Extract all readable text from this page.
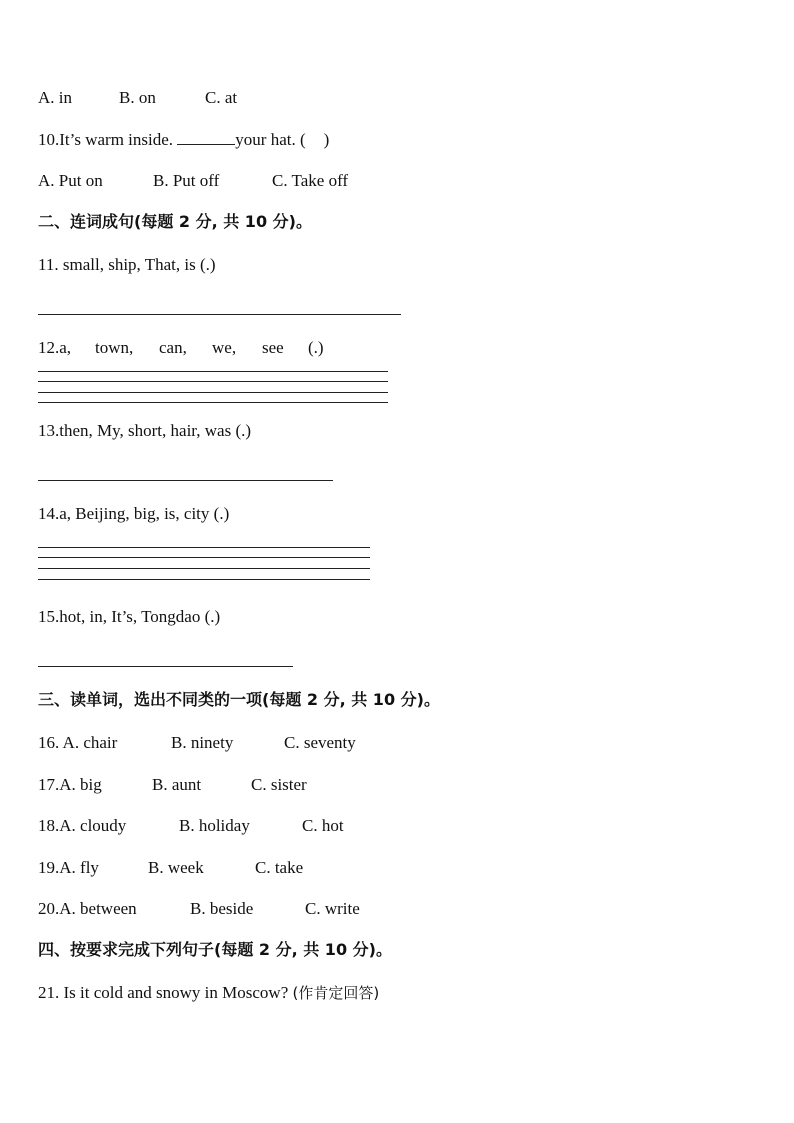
A. in	B. on	C. at
10.It’s warm inside.	your hat. ( )
A. Put on	B. Put off	C. Take off
二、连词成句(每题 2 分, 共 10 分)。
11. small, ship, That, is (.)
12.a, town, can, we, see (.)
13.then, My, short, hair, was (.)
14.a, Beijing, big, is, city (.)
15.hot, in, It’s, Tongdao (.)
三、读单词，选出不同类的一项(每题 2 分, 共 10 分)。
16. A. chair	B. ninety	C. seventy
17.A. big	B. aunt	C. sister
18.A. cloudy	B. holiday	C. hot
19.A. fly	B. week	C. take
20.A. between	B. beside	C. write
四、按要求完成下列句子(每题 2 分, 共 10 分)。
21. Is it cold and snowy in Moscow? (作肯定回答)
